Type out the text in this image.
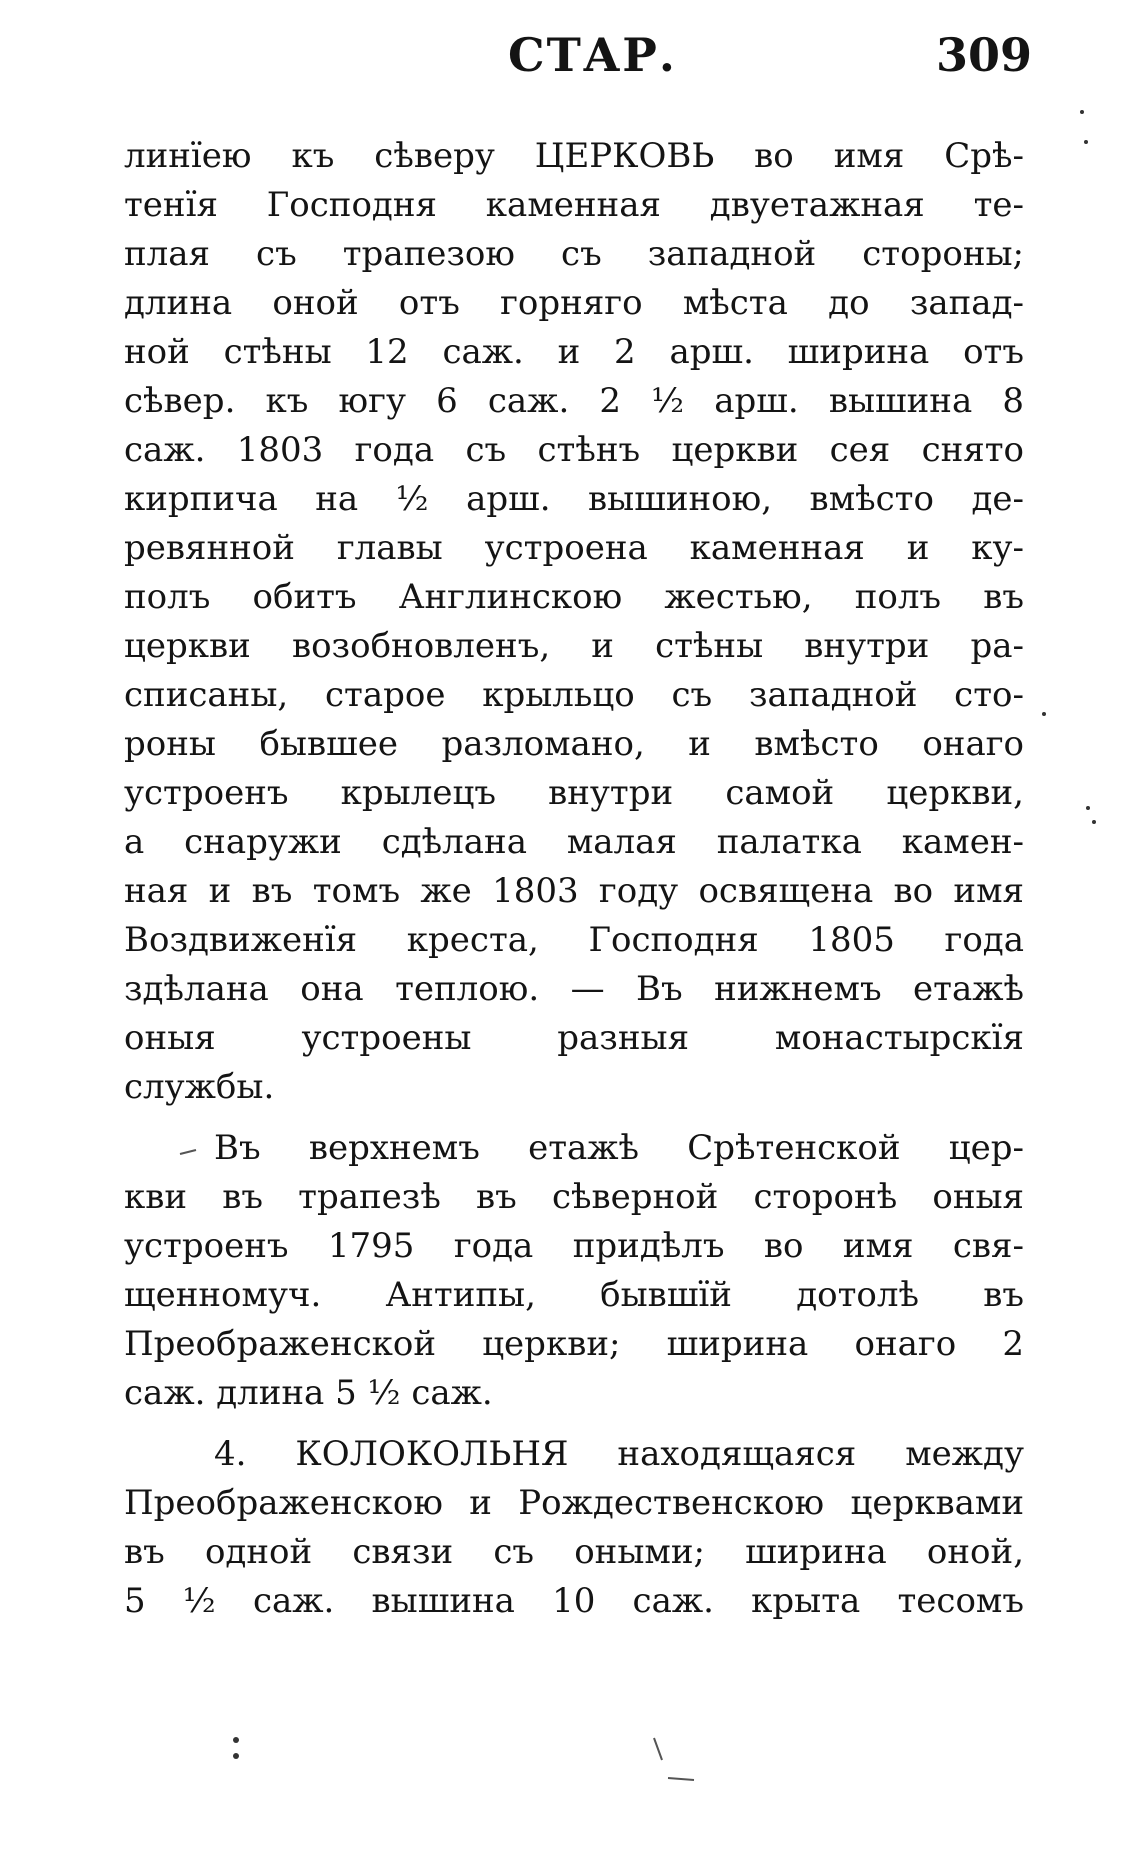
СТАР.	309
линїею къ сѣверу ЦЕРКОВЬ во имя Срѣ-
тенїя Господня каменная двуетажная те-
плая съ трапезою съ западной стороны;
длина оной отъ горняго мѣста до запад-
ной стѣны 12 саж. и 2 арш. ширина отъ
сѣвер. къ югу 6 саж. 2 ½ арш. вышина 8
саж. 1803 года съ стѣнъ церкви сея снято
кирпича на ½ арш. вышиною, вмѣсто де-
ревянной главы устроена каменная и ку-
полъ обитъ Англинскою жестью, полъ въ
церкви возобновленъ, и стѣны внутри ра-
списаны, старое крыльцо съ западной сто-
роны бывшее разломано, и вмѣсто онаго
устроенъ крылецъ внутри самой церкви,
а снаружи сдѣлана малая палатка камен-
ная и въ томъ же 1803 году освящена во имя
Воздвиженїя креста, Господня 1805 года
здѣлана она теплою. — Въ нижнемъ етажѣ
оныя устроены разныя монастырскїя
службы.
Въ верхнемъ етажѣ Срѣтенской цер-
кви въ трапезѣ въ сѣверной сторонѣ оныя
устроенъ 1795 года придѣлъ во имя свя-
щенномуч. Антипы, бывшїй дотолѣ въ
Преображенской церкви; ширина онаго 2
саж. длина 5 ½ саж.
4. КОЛОКОЛЬНЯ находящаяся между
Преображенскою и Рождественскою церквами
въ одной связи съ оными; ширина оной,
5 ½ саж. вышина 10 саж. крыта тесомъ
